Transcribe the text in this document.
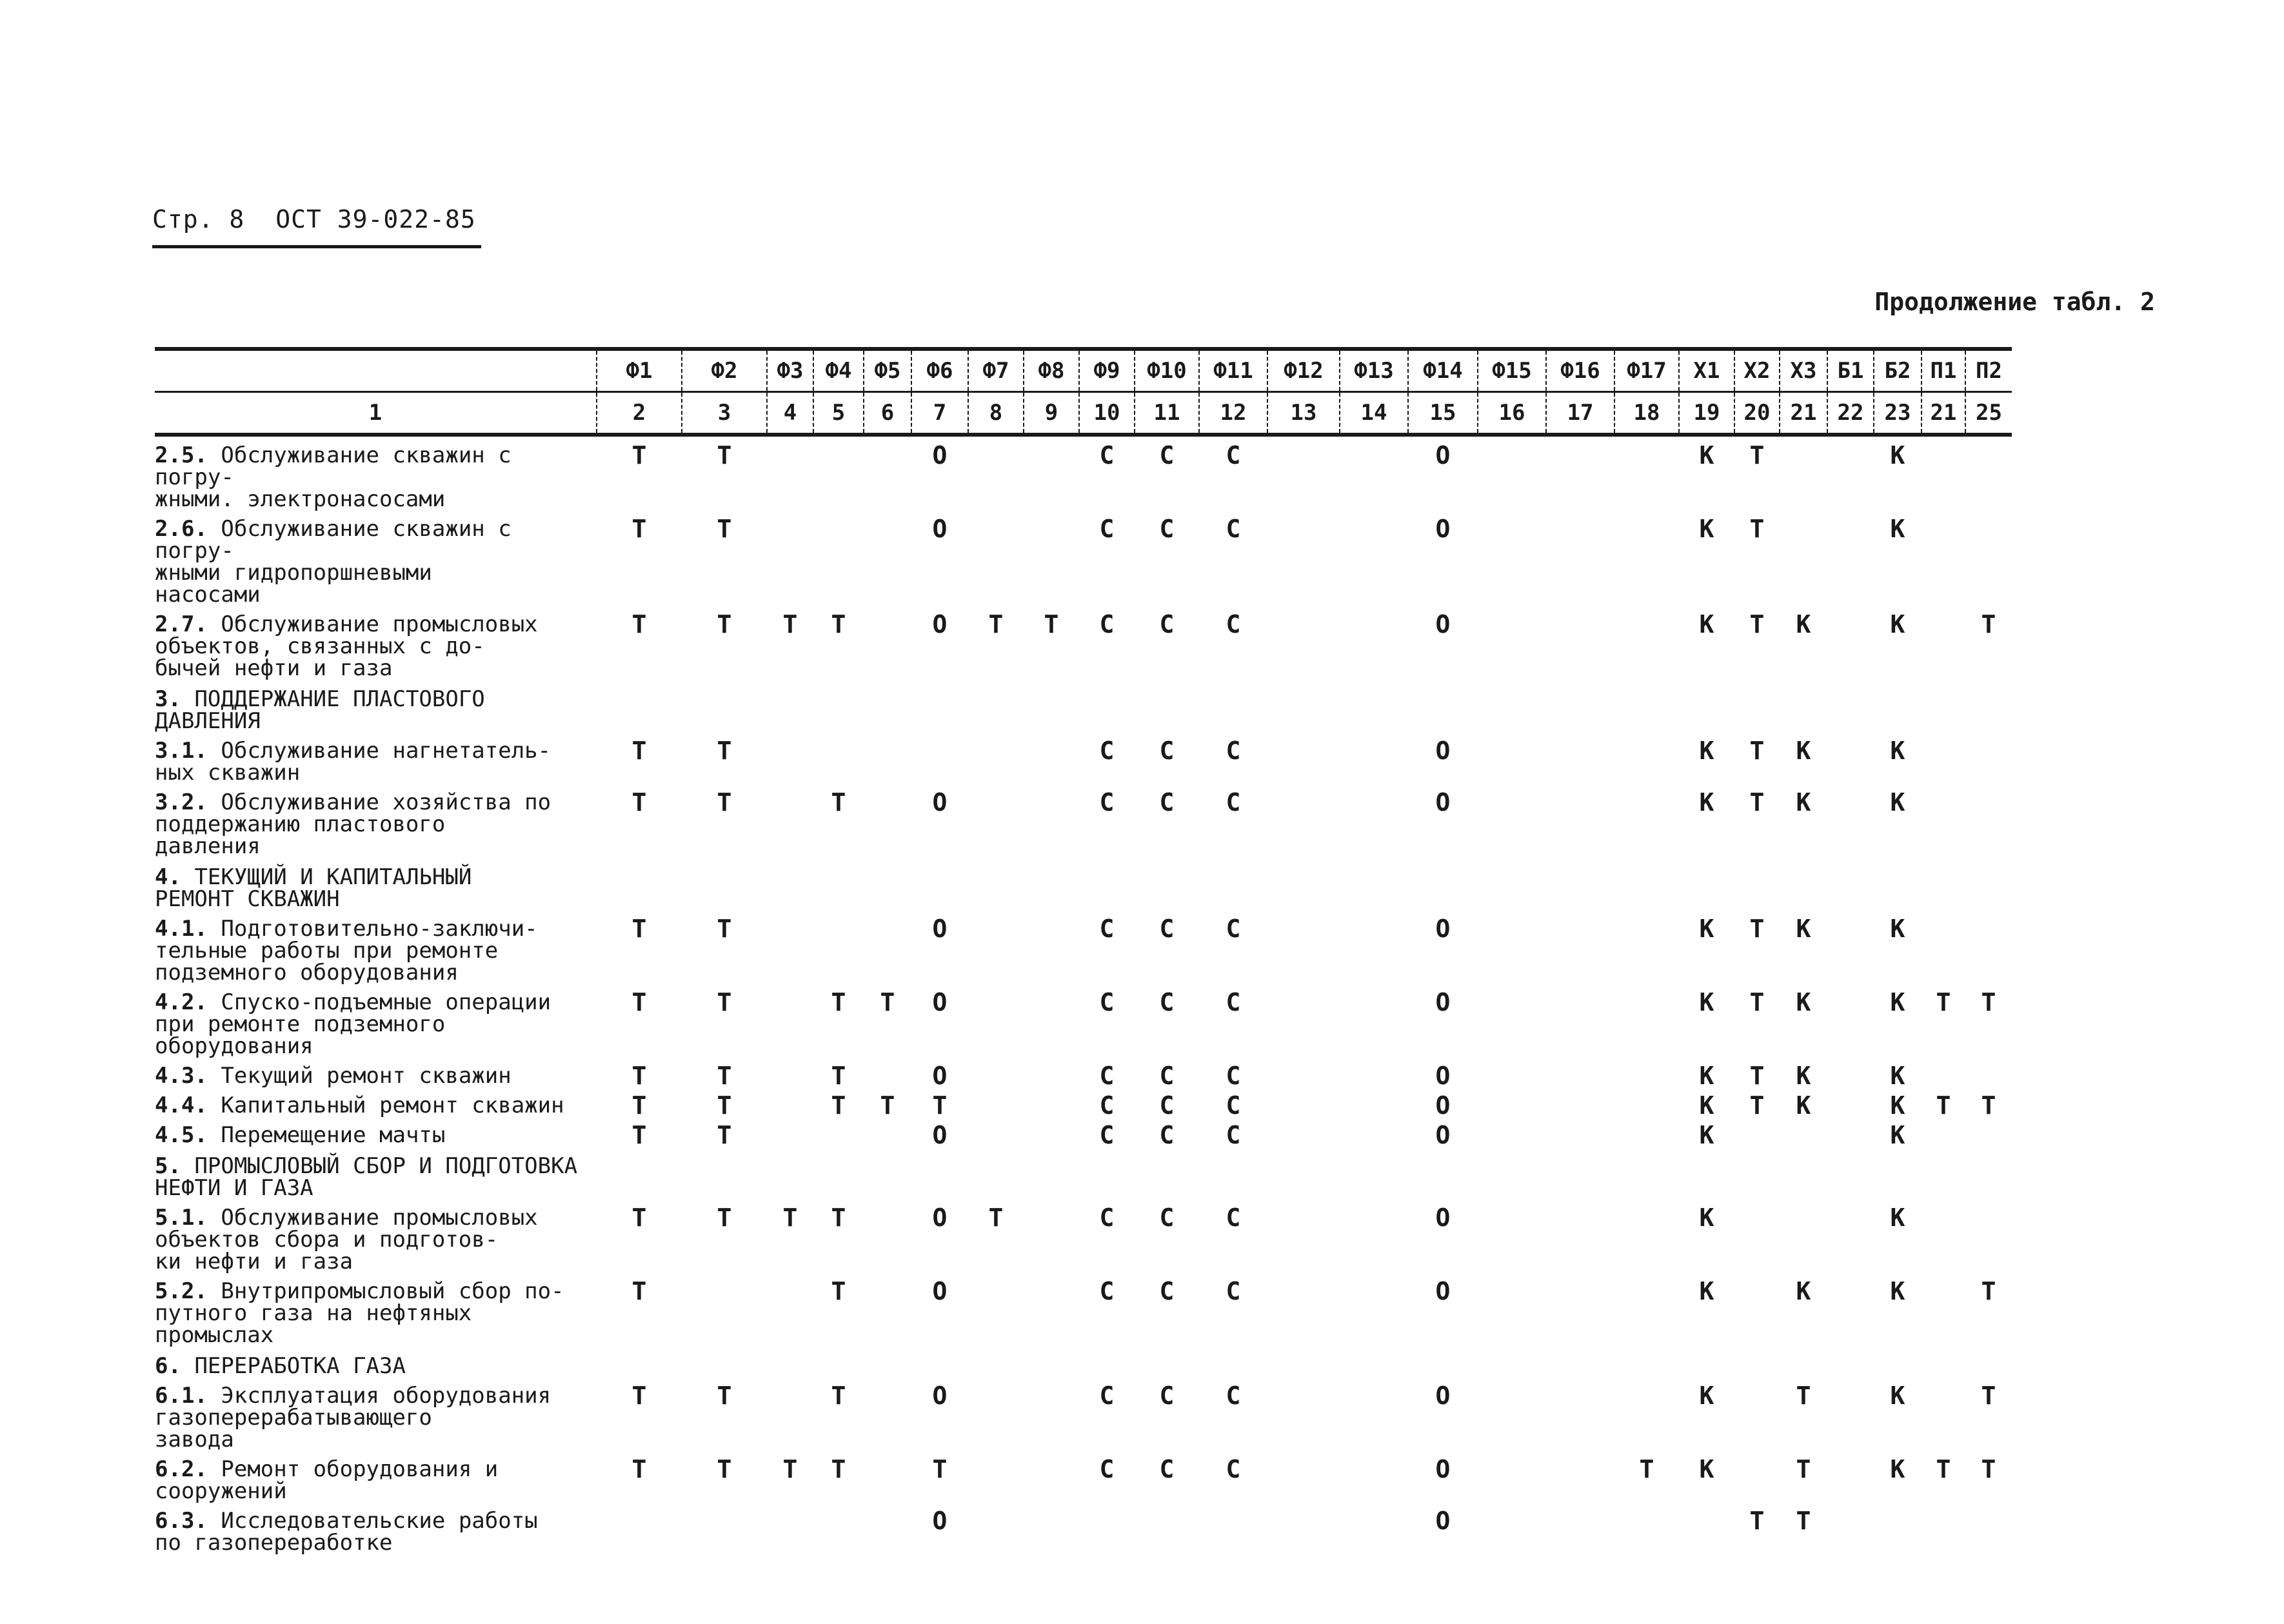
Стр. 8 ОСТ 39-022-85
Продолжение табл. 2
	Ф1	Ф2	Ф3	Ф4	Ф5	Ф6	Ф7	Ф8	Ф9	Ф10	Ф11	Ф12	Ф13	Ф14	Ф15	Ф16	Ф17	Х1	Х2	Х3	Б1	Б2	П1	П2
1	2	3	4	5	6	7	8	9	10	11	12	13	14	15	16	17	18	19	20	21	22	23	21	25
2.5. Обслуживание скважин с погру-
жными. электронасосами	Т	Т				О			С	С	С			О				К	Т			К		
2.6. Обслуживание скважин с погру-
жными гидропоршневыми
насосами	Т	Т				О			С	С	С			О				К	Т			К		
2.7. Обслуживание промысловых
объектов, связанных с до-
бычей нефти и газа	Т	Т	Т	Т		О	Т	Т	С	С	С			О				К	Т	К		К		Т
3. ПОДДЕРЖАНИЕ ПЛАСТОВОГО
ДАВЛЕНИЯ																								
3.1. Обслуживание нагнетатель-
ных скважин	Т	Т							С	С	С			О				К	Т	К		К		
3.2. Обслуживание хозяйства по
поддержанию пластового
давления	Т	Т		Т		О			С	С	С			О				К	Т	К		К		
4. ТЕКУЩИЙ И КАПИТАЛЬНЫЙ
РЕМОНТ СКВАЖИН																								
4.1. Подготовительно-заключи-
тельные работы при ремонте
подземного оборудования	Т	Т				О			С	С	С			О				К	Т	К		К		
4.2. Спуско-подъемные операции
при ремонте подземного
оборудования	Т	Т		Т	Т	О			С	С	С			О				К	Т	К		К	Т	Т
4.3. Текущий ремонт скважин	Т	Т		Т		О			С	С	С			О				К	Т	К		К		
4.4. Капитальный ремонт скважин	Т	Т		Т	Т	Т			С	С	С			О				К	Т	К		К	Т	Т
4.5. Перемещение мачты	Т	Т				О			С	С	С			О				К				К		
5. ПРОМЫСЛОВЫЙ СБОР И ПОДГОТОВКА
НЕФТИ И ГАЗА																								
5.1. Обслуживание промысловых
объектов сбора и подготов-
ки нефти и газа	Т	Т	Т	Т		О	Т		С	С	С			О				К				К		
5.2. Внутрипромысловый сбор по-
путного газа на нефтяных
промыслах	Т			Т		О			С	С	С			О				К		К		К		Т
6. ПЕРЕРАБОТКА ГАЗА																								
6.1. Эксплуатация оборудования
газоперерабатывающего
завода	Т	Т		Т		О			С	С	С			О				К		Т		К		Т
6.2. Ремонт оборудования и
сооружений	Т	Т	Т	Т		Т			С	С	С			О			Т	К		Т		К	Т	Т
6.3. Исследовательские работы
по газопереработке						О								О					Т	Т				
